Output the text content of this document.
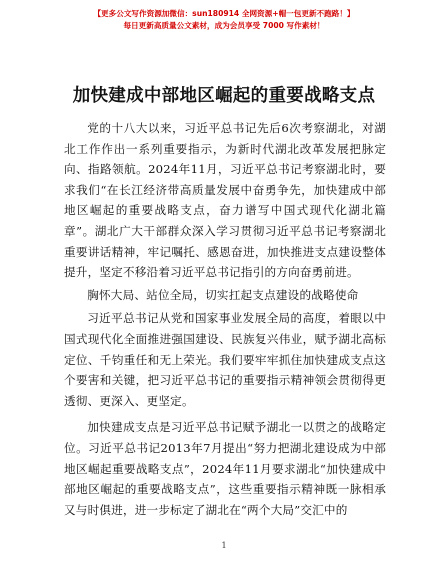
【更多公文写作资源加微信：sun180914 全网资源+帽一包更新不跑路！】
每日更新高质量公文素材，成为会员享受 7000 写作素材！
加快建成中部地区崛起的重要战略支点

党的十八大以来，习近平总书记先后6次考察湖北，对湖北工作作出一系列重要指示，为新时代湖北改革发展把脉定向、指路领航。2024年11月，习近平总书记考察湖北时，要求我们“在长江经济带高质量发展中奋勇争先，加快建成中部地区崛起的重要战略支点，奋力谱写中国式现代化湖北篇章”。湖北广大干部群众深入学习贯彻习近平总书记考察湖北重要讲话精神，牢记嘱托、感恩奋进，加快推进支点建设整体提升，坚定不移沿着习近平总书记指引的方向奋勇前进。

胸怀大局、站位全局，切实扛起支点建设的战略使命

习近平总书记从党和国家事业发展全局的高度，着眼以中国式现代化全面推进强国建设、民族复兴伟业，赋予湖北高标定位、千钧重任和无上荣光。我们要牢牢抓住加快建成支点这个要害和关键，把习近平总书记的重要指示精神领会贯彻得更透彻、更深入、更坚定。

加快建成支点是习近平总书记赋予湖北一以贯之的战略定位。习近平总书记2013年7月提出“努力把湖北建设成为中部地区崛起重要战略支点”，2024年11月要求湖北“加快建成中部地区崛起的重要战略支点”，这些重要指示精神既一脉相承又与时俱进，进一步标定了湖北在“两个大局”交汇中的

1
